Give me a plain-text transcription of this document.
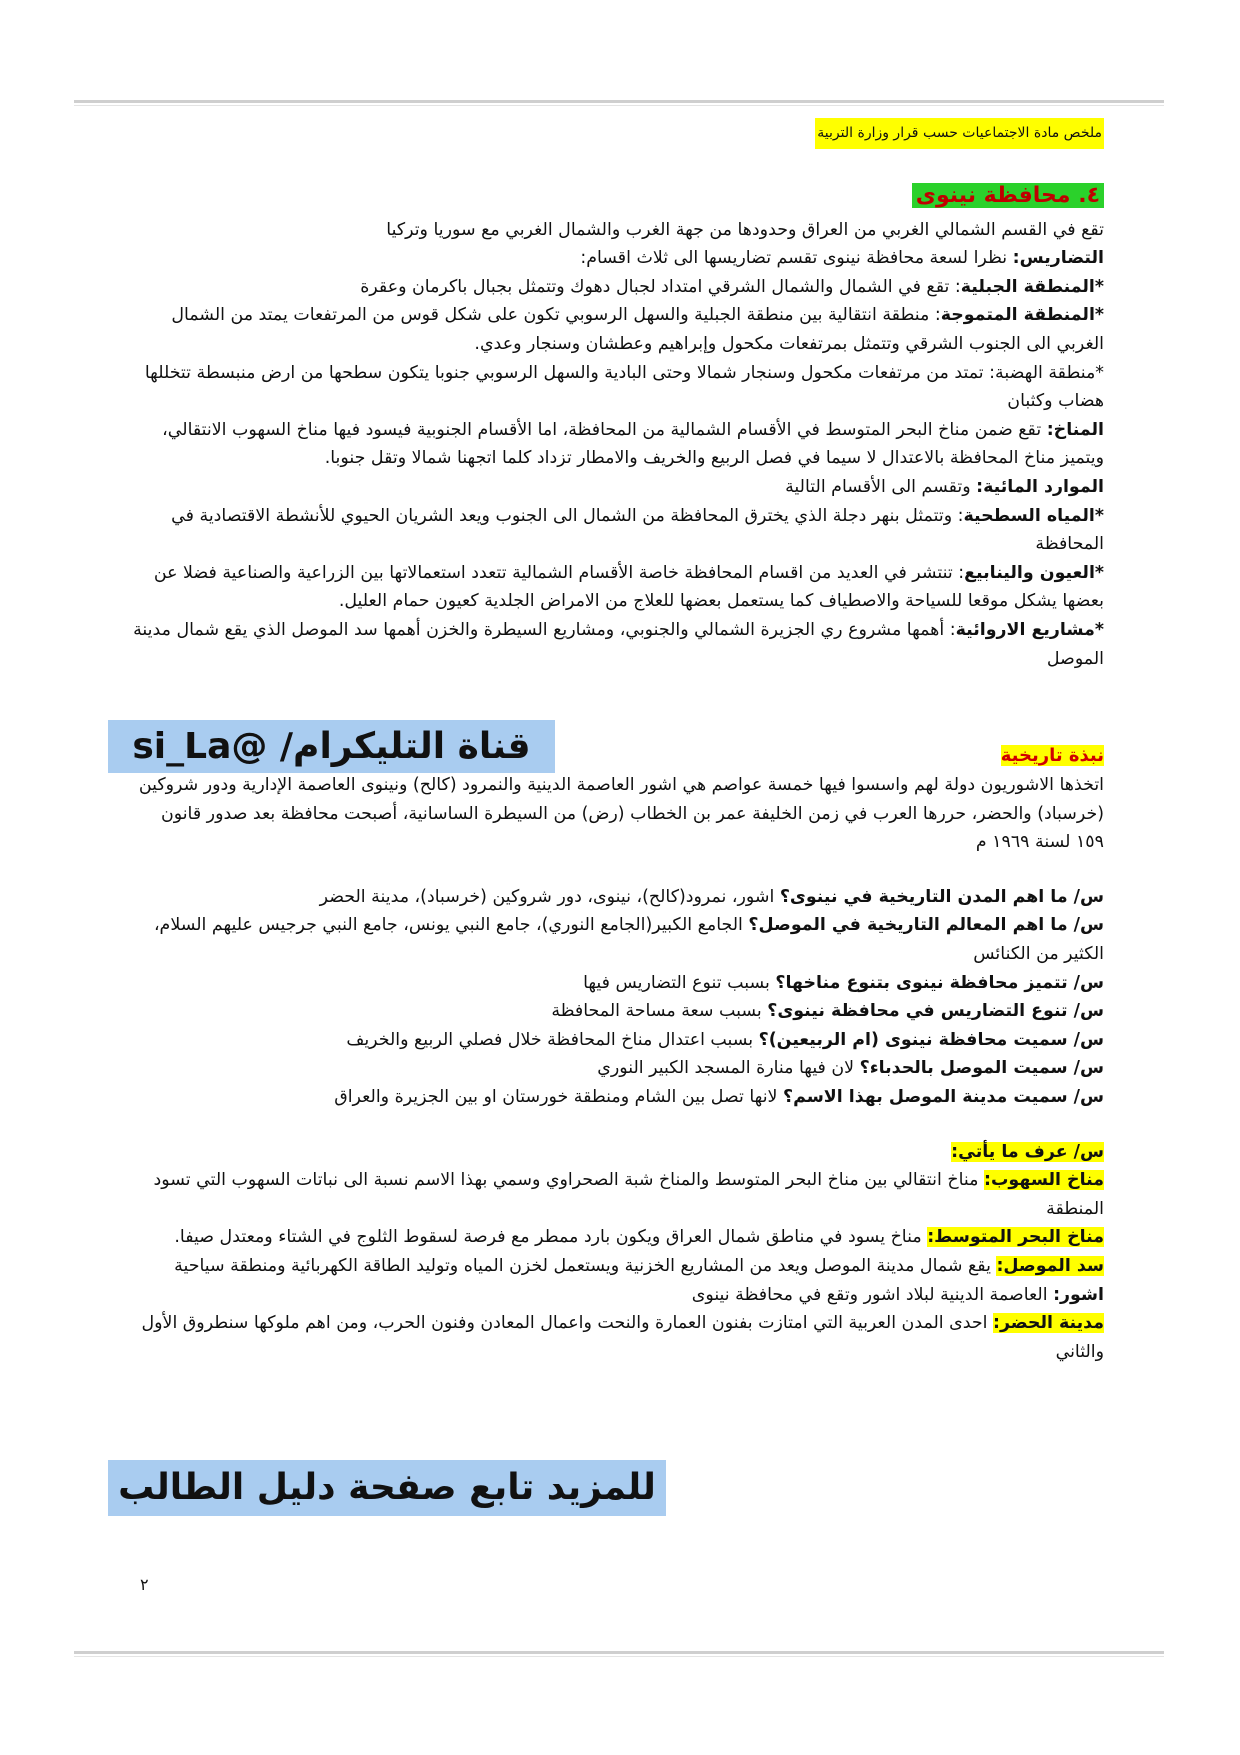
ملخص مادة الاجتماعيات حسب قرار وزارة التربية

٤. محافظة نينوى

تقع في القسم الشمالي الغربي من العراق وحدودها من جهة الغرب والشمال الغربي مع سوريا وتركيا

التضاريس: نظرا لسعة محافظة نينوى تقسم تضاريسها الى ثلاث اقسام:

*المنطقة الجبلية: تقع في الشمال والشمال الشرقي امتداد لجبال دهوك وتتمثل بجبال باكرمان وعقرة

*المنطقة المتموجة: منطقة انتقالية بين منطقة الجبلية والسهل الرسوبي تكون على شكل قوس من المرتفعات يمتد من الشمال الغربي الى الجنوب الشرقي وتتمثل بمرتفعات مكحول وإبراهيم وعطشان وسنجار وعدي.

*منطقة الهضبة: تمتد من مرتفعات مكحول وسنجار شمالا وحتى البادية والسهل الرسوبي جنوبا يتكون سطحها من ارض منبسطة تتخللها هضاب وكثبان

المناخ: تقع ضمن مناخ البحر المتوسط في الأقسام الشمالية من المحافظة، اما الأقسام الجنوبية فيسود فيها مناخ السهوب الانتقالي، ويتميز مناخ المحافظة بالاعتدال لا سيما في فصل الربيع والخريف والامطار تزداد كلما اتجهنا شمالا وتقل جنوبا.

الموارد المائية: وتقسم الى الأقسام التالية

*المياه السطحية: وتتمثل بنهر دجلة الذي يخترق المحافظة من الشمال الى الجنوب ويعد الشريان الحيوي للأنشطة الاقتصادية في المحافظة

*العيون والينابيع: تنتشر في العديد من اقسام المحافظة خاصة الأقسام الشمالية تتعدد استعمالاتها بين الزراعية والصناعية فضلا عن بعضها يشكل موقعا للسياحة والاصطياف كما يستعمل بعضها للعلاج من الامراض الجلدية كعيون حمام العليل.

*مشاريع الاروائية: أهمها مشروع ري الجزيرة الشمالي والجنوبي، ومشاريع السيطرة والخزن أهمها سد الموصل الذي يقع شمال مدينة الموصل

نبذة تاريخية

اتخذها الاشوريون دولة لهم واسسوا فيها خمسة عواصم هي اشور العاصمة الدينية والنمرود (كالح) ونينوى العاصمة الإدارية ودور شروكين (خرسباد) والحضر، حررها العرب في زمن الخليفة عمر بن الخطاب (رض) من السيطرة الساسانية، أصبحت محافظة بعد صدور قانون ١٥٩ لسنة ١٩٦٩ م

س/ ما اهم المدن التاريخية في نينوى؟ اشور، نمرود(كالح)، نينوى، دور شروكين (خرسباد)، مدينة الحضر

س/ ما اهم المعالم التاريخية في الموصل؟ الجامع الكبير(الجامع النوري)، جامع النبي يونس، جامع النبي جرجيس عليهم السلام، الكثير من الكنائس

س/ تتميز محافظة نينوى بتنوع مناخها؟ بسبب تنوع التضاريس فيها

س/ تنوع التضاريس في محافظة نينوى؟ بسبب سعة مساحة المحافظة

س/ سميت محافظة نينوى (ام الربيعين)؟ بسبب اعتدال مناخ المحافظة خلال فصلي الربيع والخريف

س/ سميت الموصل بالحدباء؟ لان فيها منارة المسجد الكبير النوري

س/ سميت مدينة الموصل بهذا الاسم؟ لانها تصل بين الشام ومنطقة خورستان او بين الجزيرة والعراق

س/ عرف ما يأتي:

مناخ السهوب: مناخ انتقالي بين مناخ البحر المتوسط والمناخ شبة الصحراوي وسمي بهذا الاسم نسبة الى نباتات السهوب التي تسود المنطقة

مناخ البحر المتوسط: مناخ يسود في مناطق شمال العراق ويكون بارد ممطر مع فرصة لسقوط الثلوج في الشتاء ومعتدل صيفا.

سد الموصل: يقع شمال مدينة الموصل ويعد من المشاريع الخزنية ويستعمل لخزن المياه وتوليد الطاقة الكهربائية ومنطقة سياحية

اشور: العاصمة الدينية لبلاد اشور وتقع في محافظة نينوى

مدينة الحضر: احدى المدن العربية التي امتازت بفنون العمارة والنحت واعمال المعادن وفنون الحرب، ومن اهم ملوكها سنطروق الأول والثاني

قناة التليكرام/ @si_La
للمزيد تابع صفحة دليل الطالب
٢
